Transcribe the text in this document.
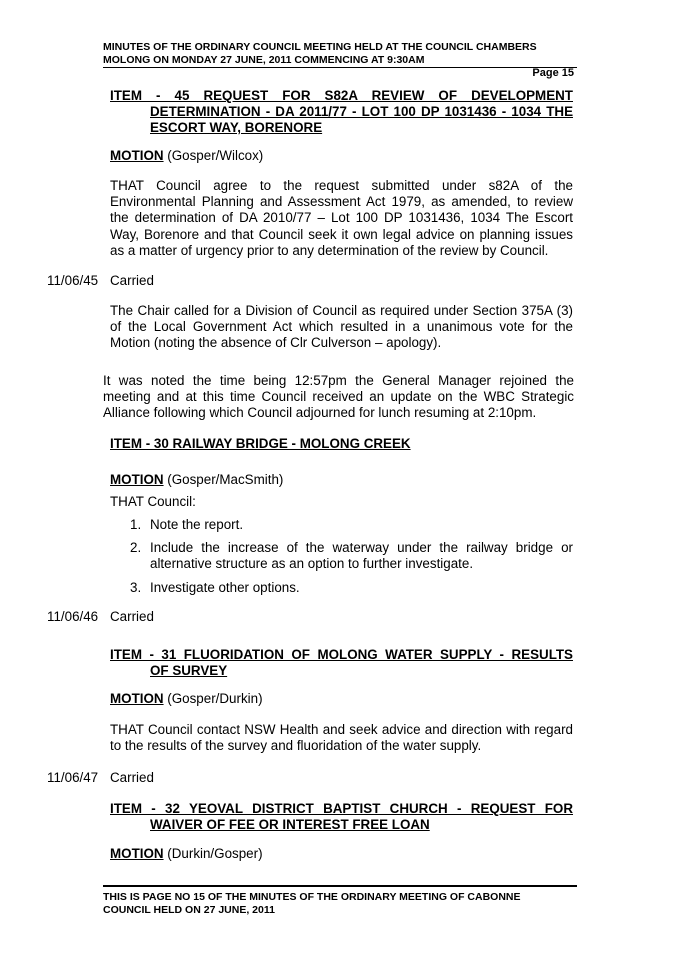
MINUTES OF THE ORDINARY COUNCIL MEETING HELD AT THE COUNCIL CHAMBERS
MOLONG ON MONDAY 27 JUNE, 2011 COMMENCING AT 9:30AM
Page 15
ITEM - 45 REQUEST FOR S82A REVIEW OF DEVELOPMENT
DETERMINATION - DA 2011/77 - LOT 100 DP 1031436 - 1034 THE
ESCORT WAY, BORENORE
MOTION (Gosper/Wilcox)
THAT Council agree to the request submitted under s82A of the Environmental Planning and Assessment Act 1979, as amended, to review the determination of DA 2010/77 – Lot 100 DP 1031436, 1034 The Escort Way, Borenore and that Council seek it own legal advice on planning issues as a matter of urgency prior to any determination of the review by Council.
11/06/45 Carried
The Chair called for a Division of Council as required under Section 375A (3) of the Local Government Act which resulted in a unanimous vote for the Motion (noting the absence of Clr Culverson – apology).
It was noted the time being 12:57pm the General Manager rejoined the meeting and at this time Council received an update on the WBC Strategic Alliance following which Council adjourned for lunch resuming at 2:10pm.
ITEM - 30 RAILWAY BRIDGE - MOLONG CREEK
MOTION (Gosper/MacSmith)
THAT Council:
1. Note the report.
2. Include the increase of the waterway under the railway bridge or alternative structure as an option to further investigate.
3. Investigate other options.
11/06/46 Carried
ITEM - 31 FLUORIDATION OF MOLONG WATER SUPPLY - RESULTS
OF SURVEY
MOTION (Gosper/Durkin)
THAT Council contact NSW Health and seek advice and direction with regard to the results of the survey and fluoridation of the water supply.
11/06/47 Carried
ITEM - 32 YEOVAL DISTRICT BAPTIST CHURCH - REQUEST FOR
WAIVER OF FEE OR INTEREST FREE LOAN
MOTION (Durkin/Gosper)
THIS IS PAGE NO 15 OF THE MINUTES OF THE ORDINARY MEETING OF CABONNE
COUNCIL HELD ON 27 JUNE, 2011
